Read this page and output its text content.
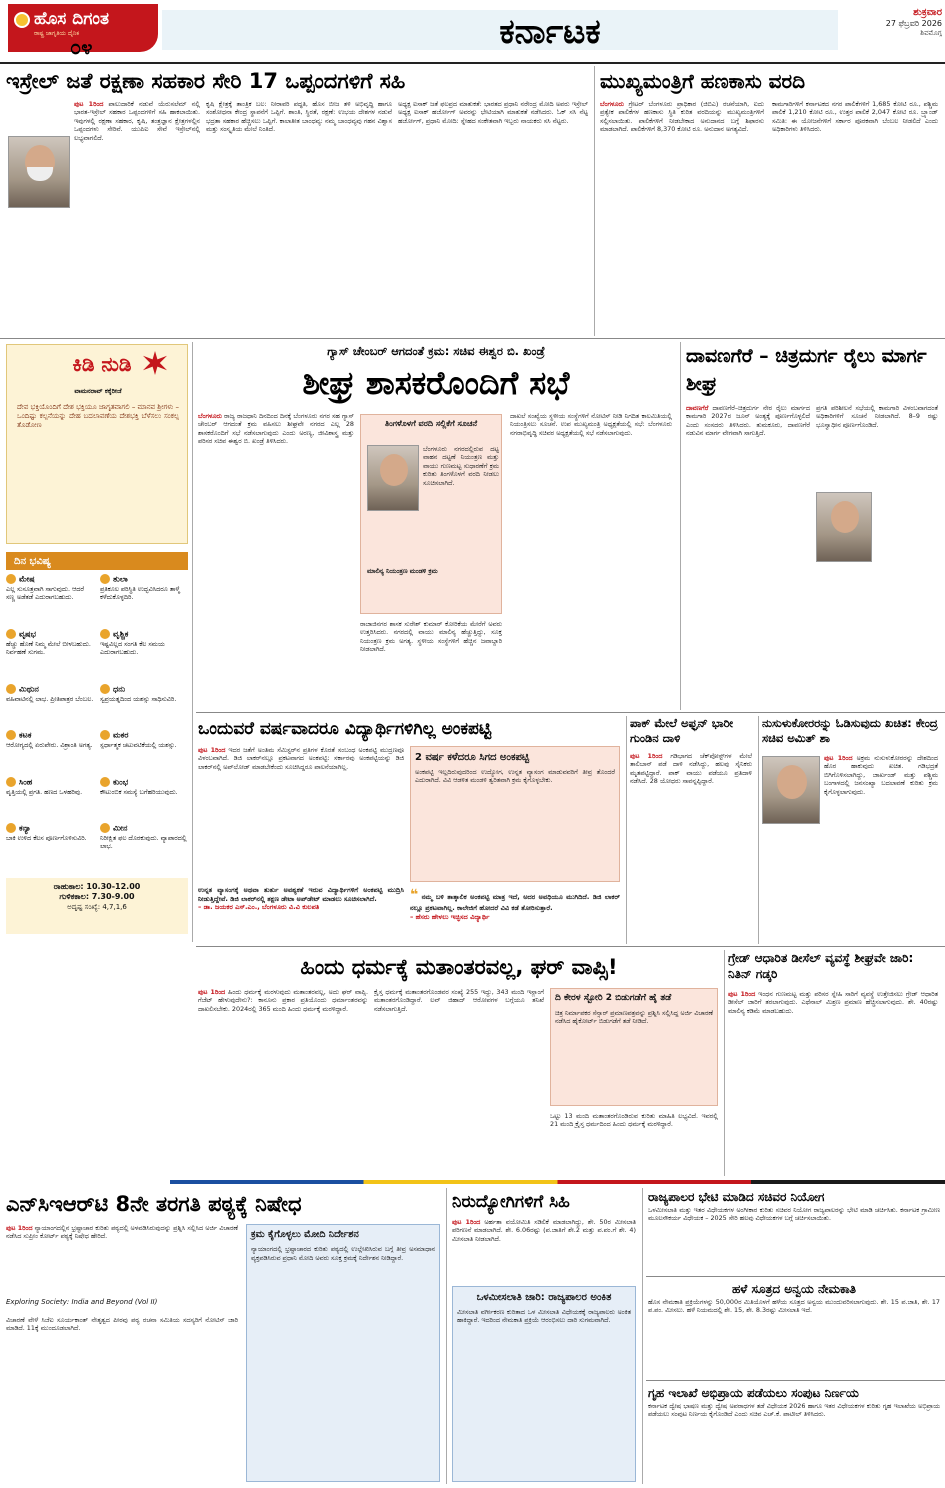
ಹೊಸ ದಿಗಂತ
ರಾಷ್ಟ್ರ ಜಾಗೃತಿಯ ದೈನಿಕ
೦೪	ಕರ್ನಾಟಕ	ಶುಕ್ರವಾರ
27 ಫೆಬ್ರವರಿ 2026
ಶಿವಮೊಗ್ಗ
ಇಸ್ರೇಲ್ ಜತೆ ರಕ್ಷಣಾ ಸಹಕಾರ ಸೇರಿ 17 ಒಪ್ಪಂದಗಳಿಗೆ ಸಹಿ
ಪುಟ 1ರಿಂದ ಪಾಲುದಾರಿಕೆ ನಡುವೆ ಯೆರುಸಲೆಮ್ ನಲ್ಲಿ ಭಾರತ-ಇಸ್ರೇಲ್ ಸಹಕಾರ ಒಪ್ಪಂದಗಳಿಗೆ ಸಹಿ ಹಾಕಲಾಯಿತು. ಇವುಗಳಲ್ಲಿ ರಕ್ಷಣಾ ಸಹಕಾರ, ಕೃಷಿ, ತಂತ್ರಜ್ಞಾನ ಕ್ಷೇತ್ರಗಳಲ್ಲಿನ ಒಪ್ಪಂದಗಳು ಸೇರಿವೆ. ಯುಪಿಐ ಸೇವೆ ಇಸ್ರೇಲ್‌ನಲ್ಲಿ ಲಭ್ಯವಾಗಲಿದೆ.
ಕೃಷಿ ಕ್ಷೇತ್ರಕ್ಕೆ ತಾಂತ್ರಿಕ ಬಲ: ನೀರಾವರಿ ಪದ್ಧತಿ, ಹೊಸ ಬೀಜ ತಳಿ ಅಭಿವೃದ್ಧಿ ಹಾಗೂ ಸಂಶೋಧನಾ ಕೇಂದ್ರ ಸ್ಥಾಪನೆಗೆ ಒಪ್ಪಿಗೆ. ಶಾಂತಿ, ಸ್ಥಿರತೆ, ರಕ್ಷಣೆ: ಉಭಯ ದೇಶಗಳ ನಡುವೆ ಭದ್ರತಾ ಸಹಕಾರ ಹೆಚ್ಚಿಸಲು ಒಪ್ಪಿಗೆ. ಕಾಲಾತೀತ ಬಾಂಧವ್ಯ: ನಮ್ಮ ಬಾಂಧವ್ಯವು ಗಹನ ವಿಶ್ವಾಸ ಮತ್ತು ಸಂಸ್ಕೃತಿಯ ಮೇಲೆ ನಿಂತಿದೆ.
ಅಧ್ಯಕ್ಷ ಐಸಾಕ್ ಜತೆ ಫಲಪ್ರದ ಮಾತುಕತೆ: ಭಾರತದ ಪ್ರಧಾನಿ ನರೇಂದ್ರ ಮೋದಿ ಅವರು ಇಸ್ರೇಲ್ ಅಧ್ಯಕ್ಷ ಐಸಾಕ್ ಹರ್ಜೋಗ್ ಅವರನ್ನು ಭೇಟಿಯಾಗಿ ಮಾತುಕತೆ ನಡೆಸಿದರು. ಓಕ್ ಸಸಿ ನೆಟ್ಟ ಹರ್ಜೋಗ್, ಪ್ರಧಾನಿ ಮೋದಿ: ಸ್ನೇಹದ ಸಂಕೇತವಾಗಿ ಇಬ್ಬರು ನಾಯಕರು ಸಸಿ ನೆಟ್ಟರು.
ಮುಖ್ಯಮಂತ್ರಿಗೆ ಹಣಕಾಸು ವರದಿ
ಬೆಂಗಳೂರು ಗ್ರೇಟರ್ ಬೆಂಗಳೂರು ಪ್ರಾಧಿಕಾರ (ಜಿಬಿಎ) ರಚನೆಯಾಗಿ, ಐದು ಪ್ರತ್ಯೇಕ ಪಾಲಿಕೆಗಳ ಹಣಕಾಸು ಸ್ಥಿತಿ ಕುರಿತ ವರದಿಯನ್ನು ಮುಖ್ಯಮಂತ್ರಿಗಳಿಗೆ ಸಲ್ಲಿಸಲಾಯಿತು. ಪಾಲಿಕೆಗಳಿಗೆ ನೀಡಬೇಕಾದ ಅನುದಾನದ ಬಗ್ಗೆ ಶಿಫಾರಸು ಮಾಡಲಾಗಿದೆ. ಪಾಲಿಕೆಗಳಿಗೆ 8,370 ಕೋಟಿ ರೂ. ಅನುದಾನ ಅಗತ್ಯವಿದೆ.
ಕಾಮಗಾರಿಗಳಿಗೆ ಕರ್ನಾಟಕದ ನಗರ ಪಾಲಿಕೆಗಳಿಗೆ 1,685 ಕೋಟಿ ರೂ., ಪಶ್ಚಿಮ ಪಾಲಿಕೆ 1,210 ಕೋಟಿ ರೂ., ಉತ್ತರ ಪಾಲಿಕೆ 2,047 ಕೋಟಿ ರೂ. ಬ್ರ್ಯಾಂಡ್ ಸಮಿತಿ: ಈ ಯೋಜನೆಗಳಿಗೆ ಸರ್ಕಾರ ಪೂರಕವಾಗಿ ಬೆಂಬಲ ನೀಡಲಿದೆ ಎಂದು ಅಧಿಕಾರಿಗಳು ತಿಳಿಸಿದರು.
ಕಿಡಿ ನುಡಿ
ವಾಮನರಾವ್ ಕಕ್ಕೆರೀಜೆ
ದೇವ ಭಕ್ತಿಯೊಂದಿಗೆ ದೇಶ ಭಕ್ತಿಯೂ ಜಾಗೃತವಾಗಲಿ – ಮಾನವ ಶ್ರೀಗಳು – ಒಂದಿಷ್ಟು ಕಲ್ಪನೆಯನ್ನು ದೇಹ ಬದಲಾವಣೆಯ ದೇಶಭಕ್ತಿ ಬೆಳೆಸಲು ಸಂಕಲ್ಪ ತೊಡೋಣ
ದಿನ ಭವಿಷ್ಯ
ಮೇಷ
ಎಲ್ಲ ಸುಸೂತ್ರವಾಗಿ ಸಾಗುವುದು. ಆದರೆ ಸಣ್ಣ ಅಡೆತಡೆ ಎದುರಾಗಬಹುದು.
ತುಲಾ
ಪ್ರತಿಕೂಲ ಪರಿಸ್ಥಿತಿ ಉದ್ಭವಿಸಿದರೂ ತಾಳ್ಮೆ ಕಳೆದುಕೊಳ್ಳದಿರಿ.
ವೃಷಭ
ಹೆಚ್ಚು ಹೊಣೆ ನಿಮ್ಮ ಮೇಲೆ ಬೀಳಬಹುದು. ನಿರ್ವಹಣೆ ಸುಗಮ.
ವೃಶ್ಚಿಕ
ಇಷ್ಟವಿಲ್ಲದ ಸಂಗತಿ ಕೆಲ ಸಮಯ ಎದುರಾಗಬಹುದು.
ಮಿಥುನ
ವಹಿವಾಟಿನಲ್ಲಿ ಲಾಭ. ಪ್ರೀತಿಪಾತ್ರರ ಬೆಂಬಲ.
ಧನು
ಸ್ವಪ್ರಯತ್ನದಿಂದ ಯಶಸ್ಸು ಸಾಧಿಸುವಿರಿ.
ಕಟಕ
ಆರೋಗ್ಯದಲ್ಲಿ ಏರುಪೇರು. ವಿಶ್ರಾಂತಿ ಅಗತ್ಯ.
ಮಕರ
ಸ್ಪರ್ಧಾತ್ಮಕ ಚಟುವಟಿಕೆಯಲ್ಲಿ ಯಶಸ್ಸು.
ಸಿಂಹ
ವೃತ್ತಿಯಲ್ಲಿ ಪ್ರಗತಿ. ಹಣದ ಒಳಹರಿವು.
ಕುಂಭ
ಕೌಟುಂಬಿಕ ಸಮಸ್ಯೆ ಬಗೆಹರಿಯುವುದು.
ಕನ್ಯಾ
ಬಾಕಿ ಉಳಿದ ಕೆಲಸ ಪೂರ್ಣಗೊಳಿಸುವಿರಿ.
ಮೀನ
ನಿರೀಕ್ಷಿತ ಫಲ ದೊರಕುವುದು. ವ್ಯಾಪಾರದಲ್ಲಿ ಲಾಭ.
ರಾಹುಕಾಲ: 10.30-12.00
ಗುಳಿಕಕಾಲ: 7.30-9.00
ಅದೃಷ್ಟ ಸಂಖ್ಯೆ: 4,7,1,6
ಗ್ಯಾಸ್ ಚೇಂಬರ್ ಆಗದಂತೆ ಕ್ರಮ: ಸಚಿವ ಈಶ್ವರ ಬಿ. ಖಂಡ್ರೆ
ಶೀಘ್ರ ಶಾಸಕರೊಂದಿಗೆ ಸಭೆ
ಬೆಂಗಳೂರು ರಾಜ್ಯ ರಾಜಧಾನಿ ದಿನದಿಂದ ದಿನಕ್ಕೆ ಬೆಂಗಳೂರು ನಗರ ಸಹ ಗ್ಯಾಸ್ ಚೇಂಬರ್ ಆಗದಂತೆ ಕ್ರಮ ವಹಿಸಲು ಶೀಘ್ರವೇ ನಗರದ ಎಲ್ಲ 28 ಶಾಸಕರೊಂದಿಗೆ ಸಭೆ ನಡೆಸಲಾಗುವುದು ಎಂದು ಅರಣ್ಯ, ಜೀವಿಶಾಸ್ತ್ರ ಮತ್ತು ಪರಿಸರ ಸಚಿವ ಈಶ್ವರ ಬಿ. ಖಂಡ್ರೆ ತಿಳಿಸಿದರು.
ತಿಂಗಳೊಳಗೆ ವರದಿ ಸಲ್ಲಿಕೆಗೆ ಸೂಚನೆ
ಬೆಂಗಳೂರು ನಗರದಲ್ಲಿರುವ ದಟ್ಟ ವಾಹನ ದಟ್ಟಣೆ ನಿಯಂತ್ರಣ ಮತ್ತು ವಾಯು ಗುಣಮಟ್ಟ ಸುಧಾರಣೆಗೆ ಕ್ರಮ ಕುರಿತು ತಿಂಗಳೊಳಗೆ ವರದಿ ನೀಡಲು ಸೂಚಿಸಲಾಗಿದೆ.
ಮಾಲಿನ್ಯ ನಿಯಂತ್ರಣ ಮಂಡಳಿ ಕ್ರಮ
ರಾಜಾಜಿನಗರ ಶಾಸಕ ಸುರೇಶ್ ಕುಮಾರ್ ಕೋರಿಕೆಯ ಮೇರೆಗೆ ಅವರು ಉತ್ತರಿಸಿದರು. ನಗರದಲ್ಲಿ ವಾಯು ಮಾಲಿನ್ಯ ಹೆಚ್ಚುತ್ತಿದ್ದು, ಸೂಕ್ತ ನಿಯಂತ್ರಣ ಕ್ರಮ ಅಗತ್ಯ. ಸ್ಥಳೀಯ ಸಂಸ್ಥೆಗಳಿಗೆ ಹೆಚ್ಚಿನ ಜವಾಬ್ದಾರಿ ನೀಡಲಾಗಿದೆ.
ದಾಖಲೆ ಸಂಖ್ಯೆಯ ಸ್ಥಳೀಯ ಸಂಸ್ಥೆಗಳಿಗೆ ನೋಟಿಸ್ ನೀಡಿ ನಿಗದಿತ ಕಾಲಮಿತಿಯಲ್ಲಿ ನಿಯಂತ್ರಿಸಲು ಸೂಚನೆ. ಉಪ ಮುಖ್ಯಮಂತ್ರಿ ಅಧ್ಯಕ್ಷತೆಯಲ್ಲಿ ಸಭೆ: ಬೆಂಗಳೂರು ನಗರಾಭಿವೃದ್ಧಿ ಸಚಿವರ ಅಧ್ಯಕ್ಷತೆಯಲ್ಲಿ ಸಭೆ ನಡೆಸಲಾಗುವುದು.
ದಾವಣಗೆರೆ – ಚಿತ್ರದುರ್ಗ ರೈಲು ಮಾರ್ಗ ಶೀಘ್ರ
ದಾವಣಗೆರೆ ದಾವಣಗೆರೆ–ಚಿತ್ರದುರ್ಗ ನೇರ ರೈಲು ಮಾರ್ಗದ ಕಾಮಗಾರಿ 2027ರ ಜೂನ್ ಅಂತ್ಯಕ್ಕೆ ಪೂರ್ಣಗೊಳ್ಳಲಿದೆ ಎಂದು ಸಂಸದರು ತಿಳಿಸಿದರು. ತುಮಕೂರು, ದಾವಣಗೆರೆ ನಡುವಿನ ಮಾರ್ಗ ವೇಗವಾಗಿ ಸಾಗುತ್ತಿದೆ.
ಪ್ರಗತಿ ಪರಿಶೀಲನೆ ಸಭೆಯಲ್ಲಿ ಕಾಮಗಾರಿ ವಿಳಂಬವಾಗದಂತೆ ಅಧಿಕಾರಿಗಳಿಗೆ ಸೂಚನೆ ನೀಡಲಾಗಿದೆ. 8–9 ರಷ್ಟು ಭೂಸ್ವಾಧೀನ ಪೂರ್ಣಗೊಂಡಿದೆ.
ಒಂದುವರೆ ವರ್ಷವಾದರೂ ವಿದ್ಯಾರ್ಥಿಗಳಿಗಿಲ್ಲ ಅಂಕಪಟ್ಟಿ
ಪುಟ 1ರಿಂದ ಇದರ ಜತೆಗೆ ಅಂತಿಮ ಸೆಮಿಸ್ಟರ್‌ನ ಪ್ರತಿಗಳ ಕೊರತೆ ಸಂಬಂಧ ಅಂಕಪಟ್ಟಿ ಮುದ್ರಣವೂ ವಿಳಂಬವಾಗಿದೆ. ಡಿಜಿ ಲಾಕರ್‌ನಲ್ಲೂ ಪ್ರಕಟವಾಗದ ಅಂಕಪಟ್ಟಿ: ಸರ್ಕಾರವು ಅಂಕಪಟ್ಟಿಯನ್ನು ಡಿಜಿ ಲಾಕರ್‌ನಲ್ಲಿ ಅಪ್‌ಲೋಡ್ ಮಾಡಬೇಕೆಂದು ಸೂಚಿಸಿದ್ದರೂ ಪಾಲನೆಯಾಗಿಲ್ಲ.
2 ವರ್ಷ ಕಳೆದರೂ ಸಿಗದ ಅಂಕಪಟ್ಟಿ
ಅಂಕಪಟ್ಟಿ ಇಲ್ಲದಿರುವುದರಿಂದ ಉದ್ಯೋಗ, ಉನ್ನತ ವ್ಯಾಸಂಗ ಮಾಡುವವರಿಗೆ ತೀವ್ರ ತೊಂದರೆ ಎದುರಾಗಿದೆ. ವಿವಿ ಆಡಳಿತ ಮಂಡಳಿ ತ್ವರಿತವಾಗಿ ಕ್ರಮ ಕೈಗೊಳ್ಳಬೇಕು.
ಉನ್ನತ ವ್ಯಾಸಂಗಕ್ಕೆ ಅಥವಾ ತುರ್ತು ಅವಶ್ಯಕತೆ ಇರುವ ವಿದ್ಯಾರ್ಥಿಗಳಿಗೆ ಅಂಕಪಟ್ಟಿ ಮುದ್ರಿಸಿ ನೀಡುತ್ತಿದ್ದೇವೆ. ಡಿಜಿ ಲಾಕರ್‌ನಲ್ಲಿ ತಕ್ಷಣ ಡೇಟಾ ಅಪ್‌ಡೇಟ್ ಮಾಡಲು ಸೂಚಿಸಲಾಗಿದೆ.
– ಡಾ. ಜಯಕರ ಎಸ್.ಎಂ., ಬೆಂಗಳೂರು ವಿ.ವಿ ಕುಲಪತಿ
❝ ನಮ್ಮ ಬಳಿ ತಾತ್ಕಾಲಿಕ ಅಂಕಪಟ್ಟಿ ಮಾತ್ರ ಇದೆ, ಅದರ ಅವಧಿಯೂ ಮುಗಿದಿದೆ. ಡಿಜಿ ಲಾಕರ್ ನಲ್ಲೂ ಪ್ರಕಟವಾಗಿಲ್ಲ. ಕಾಲೇಜಿಗೆ ಹೋದರೆ ವಿವಿ ಕಡೆ ತೋರಿಸುತ್ತಾರೆ.
– ಹೆಸರು ಹೇಳಲು ಇಚ್ಛಿಸದ ವಿದ್ಯಾರ್ಥಿ
ಪಾಕ್ ಮೇಲೆ ಅಫ್ಘನ್ ಭಾರೀ ಗುಂಡಿನ ದಾಳಿ
ಪುಟ 1ರಿಂದ ಗಡಿಭಾಗದ ಚೆಕ್‌ಪೋಸ್ಟ್‌ಗಳ ಮೇಲೆ ತಾಲಿಬಾನ್ ಪಡೆ ದಾಳಿ ನಡೆಸಿದ್ದು, ಹಲವು ಸೈನಿಕರು ಮೃತಪಟ್ಟಿದ್ದಾರೆ. ಪಾಕ್ ವಾಯು ಪಡೆಯೂ ಪ್ರತಿದಾಳಿ ನಡೆಸಿದೆ. 28 ಯೋಧರು ಸಾವನ್ನಪ್ಪಿದ್ದಾರೆ.
ನುಸುಳುಕೋರರನ್ನು ಓಡಿಸುವುದು ಖಚಿತ: ಕೇಂದ್ರ ಸಚಿವ ಅಮಿತ್ ಶಾ
ಪುಟ 1ರಿಂದ ಅಕ್ರಮ ನುಸುಳುಕೋರರನ್ನು ದೇಶದಿಂದ ಹೊರ ಹಾಕುವುದು ಖಚಿತ. ಗಡಿಭದ್ರತೆ ಬಿಗಿಗೊಳಿಸಲಾಗಿದ್ದು, ಜಾರ್ಖಂಡ್ ಮತ್ತು ಪಶ್ಚಿಮ ಬಂಗಾಳದಲ್ಲಿ ಜನಸಂಖ್ಯಾ ಬದಲಾವಣೆ ಕುರಿತು ಕ್ರಮ ಕೈಗೊಳ್ಳಲಾಗುವುದು.
ಹಿಂದು ಧರ್ಮಕ್ಕೆ ಮತಾಂತರವಲ್ಲ, ಘರ್ ವಾಪ್ಸಿ!
ಪುಟ 1ರಿಂದ ಹಿಂದು ಧರ್ಮಕ್ಕೆ ಮರಳುವುದು ಮತಾಂತರವಲ್ಲ, ಅದು ಘರ್ ವಾಪ್ಸಿ. ಗೆಜೆಟ್ ಹೇಳುವುದೇನು?: ಕಾನೂನು ಪ್ರಕಾರ ಪ್ರತಿಯೊಂದು ಧರ್ಮಾಂತರವನ್ನು ದಾಖಲಿಸಬೇಕು. 2024ರಲ್ಲಿ 365 ಮಂದಿ ಹಿಂದು ಧರ್ಮಕ್ಕೆ ಮರಳಿದ್ದಾರೆ.
ಕ್ರೈಸ್ತ ಧರ್ಮಕ್ಕೆ ಮತಾಂತರಗೊಂಡವರ ಸಂಖ್ಯೆ 255 ಇದ್ದು, 343 ಮಂದಿ ಇಸ್ಲಾಂಗೆ ಮತಾಂತರಗೊಂಡಿದ್ದಾರೆ. ಲವ್ ಜಿಹಾದ್ ಆರೋಪಗಳ ಬಗ್ಗೆಯೂ ತನಿಖೆ ನಡೆಸಲಾಗುತ್ತಿದೆ.
ದಿ ಕೇರಳ ಸ್ಟೋರಿ 2 ಬಿಡುಗಡೆಗೆ ಹೈ ತಡೆ
ಚಿತ್ರ ನಿರ್ಮಾಪಕರ ಸೆನ್ಸಾರ್ ಪ್ರಮಾಣಪತ್ರವನ್ನು ಪ್ರಶ್ನಿಸಿ ಸಲ್ಲಿಸಿದ್ದ ಅರ್ಜಿ ವಿಚಾರಣೆ ನಡೆಸಿದ ಹೈಕೋರ್ಟ್ ಬಿಡುಗಡೆಗೆ ತಡೆ ನೀಡಿದೆ.
ಒಟ್ಟು 13 ಮಂದಿ ಮತಾಂತರಗೊಂಡಿರುವ ಕುರಿತು ಮಾಹಿತಿ ಲಭ್ಯವಿದೆ. ಇವರಲ್ಲಿ 21 ಮಂದಿ ಕ್ರೈಸ್ತ ಧರ್ಮದಿಂದ ಹಿಂದು ಧರ್ಮಕ್ಕೆ ಮರಳಿದ್ದಾರೆ.
ಗ್ರೇಡ್ ಆಧಾರಿತ ಡೀಸೆಲ್ ವ್ಯವಸ್ಥೆ ಶೀಘ್ರವೇ ಜಾರಿ: ನಿತಿನ್ ಗಡ್ಕರಿ
ಪುಟ 1ರಿಂದ ಇಂಧನ ಗುಣಮಟ್ಟ ಮತ್ತು ಪರಿಸರ ಸ್ನೇಹಿ ಸಾರಿಗೆ ವ್ಯವಸ್ಥೆ ಉತ್ತೇಜಿಸಲು ಗ್ರೇಡ್ ಆಧಾರಿತ ಡೀಸೆಲ್ ಜಾರಿಗೆ ತರಲಾಗುವುದು. ಎಥೆನಾಲ್ ಮಿಶ್ರಣ ಪ್ರಮಾಣ ಹೆಚ್ಚಿಸಲಾಗುವುದು. ಶೇ. 40ರಷ್ಟು ಮಾಲಿನ್ಯ ಕಡಿಮೆ ಮಾಡಬಹುದು.
ಎನ್‌ಸಿಇಆರ್‌ಟಿ 8ನೇ ತರಗತಿ ಪಠ್ಯಕ್ಕೆ ನಿಷೇಧ
ಪುಟ 1ರಿಂದ ನ್ಯಾಯಾಂಗದಲ್ಲಿನ ಭ್ರಷ್ಟಾಚಾರ ಕುರಿತು ಪಠ್ಯದಲ್ಲಿ ಅಳವಡಿಸಿರುವುದನ್ನು ಪ್ರಶ್ನಿಸಿ ಸಲ್ಲಿಸಿದ ಅರ್ಜಿ ವಿಚಾರಣೆ ನಡೆಸಿದ ಸುಪ್ರೀಂ ಕೋರ್ಟ್ ಪಠ್ಯಕ್ಕೆ ನಿಷೇಧ ಹೇರಿದೆ.
Exploring Society: India and Beyond (Vol II)
ವಿಚಾರಣೆ ವೇಳೆ ಸಿಜೆಐ ಸೂರ್ಯಕಾಂತ್ ನೇತೃತ್ವದ ಪೀಠವು ಪಠ್ಯ ರಚನಾ ಸಮಿತಿಯ ಸದಸ್ಯರಿಗೆ ನೋಟಿಸ್ ಜಾರಿ ಮಾಡಿದೆ. 11ಕ್ಕೆ ಮುಂದೂಡಲಾಗಿದೆ.
ಕ್ರಮ ಕೈಗೊಳ್ಳಲು ಮೋದಿ ನಿರ್ದೇಶನ
ನ್ಯಾಯಾಂಗದಲ್ಲಿ ಭ್ರಷ್ಟಾಚಾರದ ಕುರಿತು ಪಠ್ಯದಲ್ಲಿ ಉಲ್ಲೇಖಿಸಿರುವ ಬಗ್ಗೆ ತೀವ್ರ ಅಸಮಾಧಾನ ವ್ಯಕ್ತಪಡಿಸಿರುವ ಪ್ರಧಾನಿ ಮೋದಿ ಅವರು ಸೂಕ್ತ ಕ್ರಮಕ್ಕೆ ನಿರ್ದೇಶನ ನೀಡಿದ್ದಾರೆ.
ನಿರುದ್ಯೋಗಿಗಳಿಗೆ ಸಿಹಿ
ಪುಟ 1ರಿಂದ ಅರ್ಹತಾ ವಯೋಮಿತಿ ಸಡಿಲಿಕೆ ಮಾಡಲಾಗಿದ್ದು, ಶೇ. 50ರ ಮೀಸಲಾತಿ ಪರಿಗಣನೆ ಮಾಡಲಾಗಿದೆ. ಶೇ. 6.06ರಷ್ಟು (ಪ.ಜಾತಿಗೆ ಶೇ.2 ಮತ್ತು ಪ.ಪಂ.ಗೆ ಶೇ. 4) ಮೀಸಲಾತಿ ನೀಡಲಾಗಿದೆ.
ಒಳಮೀಸಲಾತಿ ಜಾರಿ: ರಾಜ್ಯಪಾಲರ ಅಂಕಿತ
ಮೀಸಲಾತಿ ವರ್ಗೀಕರಣ ಕುರಿತಾದ ಒಳ ಮೀಸಲಾತಿ ವಿಧೇಯಕಕ್ಕೆ ರಾಜ್ಯಪಾಲರು ಅಂಕಿತ ಹಾಕಿದ್ದಾರೆ. ಇದರಿಂದ ನೇಮಕಾತಿ ಪ್ರಕ್ರಿಯೆ ಆರಂಭಿಸಲು ದಾರಿ ಸುಗಮವಾಗಿದೆ.
ರಾಜ್ಯಪಾಲರ ಭೇಟಿ ಮಾಡಿದ ಸಚಿವರ ನಿಯೋಗ
ಒಳಮೀಸಲಾತಿ ಮತ್ತು ಇತರ ವಿಧೇಯಕಗಳ ಅಂಗೀಕಾರ ಕುರಿತು ಸಚಿವರ ನಿಯೋಗ ರಾಜ್ಯಪಾಲರನ್ನು ಭೇಟಿ ಮಾಡಿ ಚರ್ಚಿಸಿತು. ಕರ್ನಾಟಕ ಗ್ರಾಮೀಣ ಮೂಲಸೌಕರ್ಯ ವಿಧೇಯಕ – 2025 ಸೇರಿ ಹಲವು ವಿಧೇಯಕಗಳ ಬಗ್ಗೆ ಚರ್ಚಿಸಲಾಯಿತು.
ಹಳೆ ಸೂತ್ರದ ಅನ್ವಯ ನೇಮಕಾತಿ
ಹೊಸ ನೇಮಕಾತಿ ಪ್ರಕ್ರಿಯೆಗಳನ್ನು 50,000ರ ಮಿತಿಯೊಳಗೆ ಹಳೆಯ ಸೂತ್ರದ ಅನ್ವಯ ಮುಂದುವರಿಸಲಾಗುವುದು. ಶೇ. 15 ಪ.ಜಾತಿ, ಶೇ. 17 ಪ.ಪಂ. ಮೀಸಲು. ಹಳೆ ನಿಯಮದಲ್ಲಿ ಶೇ. 15, ಶೇ. 8.3ರಷ್ಟು ಮೀಸಲಾತಿ ಇದೆ.
ಗೃಹ ಇಲಾಖೆ ಅಭಿಪ್ರಾಯ ಪಡೆಯಲು ಸಂಪುಟ ನಿರ್ಣಯ
ಕರ್ನಾಟಕ ದ್ವೇಷ ಭಾಷಣ ಮತ್ತು ದ್ವೇಷ ಅಪರಾಧಗಳ ತಡೆ ವಿಧೇಯಕ 2026 ಹಾಗೂ ಇತರ ವಿಧೇಯಕಗಳ ಕುರಿತು ಗೃಹ ಇಲಾಖೆಯ ಅಭಿಪ್ರಾಯ ಪಡೆಯಲು ಸಂಪುಟ ನಿರ್ಣಯ ಕೈಗೊಂಡಿದೆ ಎಂದು ಸಚಿವ ಎಚ್.ಕೆ. ಪಾಟೀಲ್ ತಿಳಿಸಿದರು.
